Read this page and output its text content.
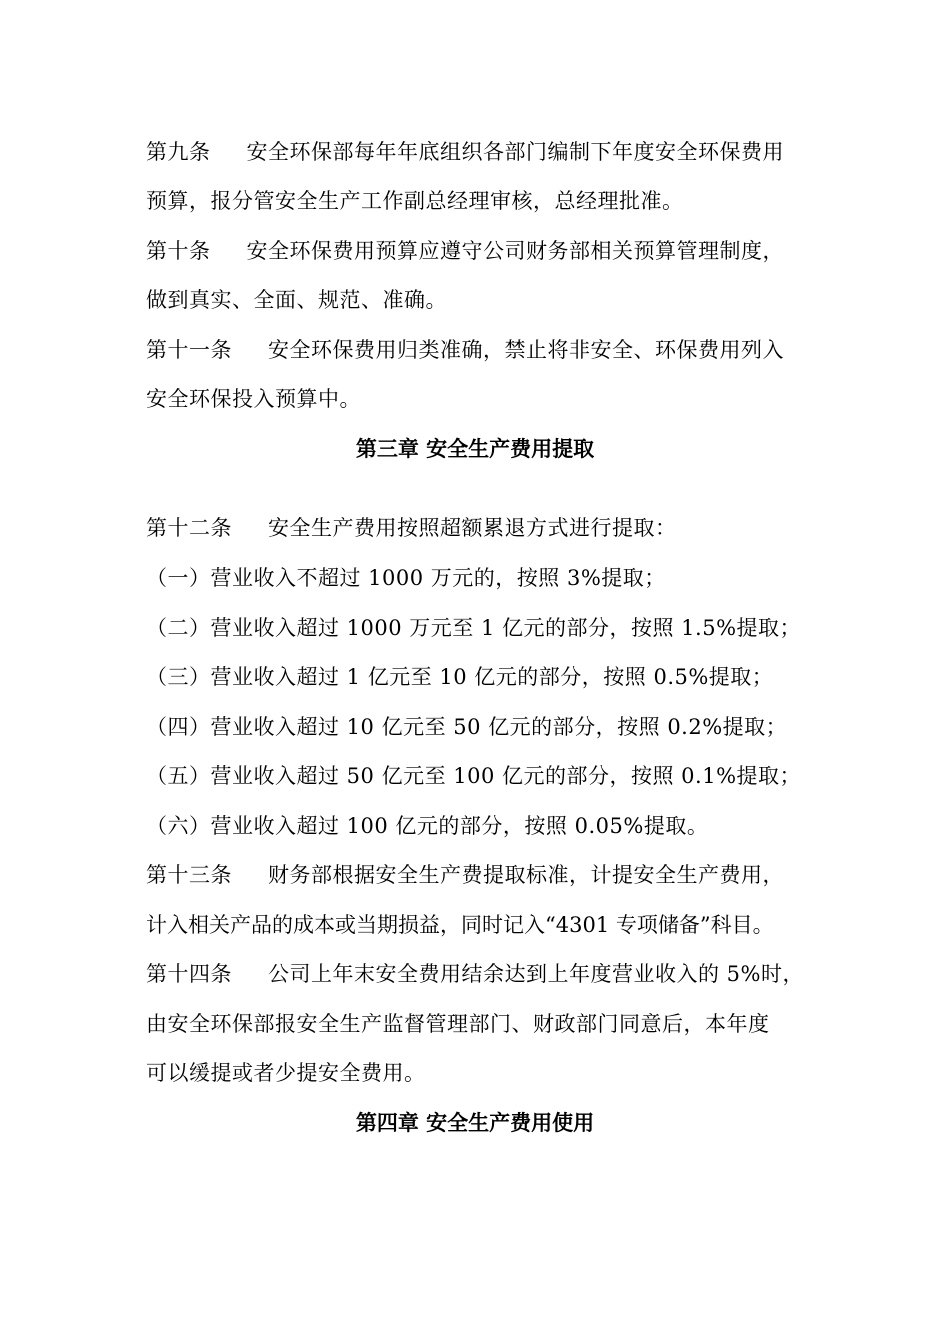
第九条 安全环保部每年年底组织各部门编制下年度安全环保费用
预算，报分管安全生产工作副总经理审核，总经理批准。
第十条 安全环保费用预算应遵守公司财务部相关预算管理制度，
做到真实、全面、规范、准确。
第十一条 安全环保费用归类准确，禁止将非安全、环保费用列入
安全环保投入预算中。
第三章 安全生产费用提取
第十二条 安全生产费用按照超额累退方式进行提取：
（一）营业收入不超过 1000 万元的，按照 3%提取；
（二）营业收入超过 1000 万元至 1 亿元的部分，按照 1.5%提取；
（三）营业收入超过 1 亿元至 10 亿元的部分，按照 0.5%提取；
（四）营业收入超过 10 亿元至 50 亿元的部分，按照 0.2%提取；
（五）营业收入超过 50 亿元至 100 亿元的部分，按照 0.1%提取；
（六）营业收入超过 100 亿元的部分，按照 0.05%提取。
第十三条 财务部根据安全生产费提取标准，计提安全生产费用，
计入相关产品的成本或当期损益，同时记入“4301 专项储备”科目。
第十四条 公司上年末安全费用结余达到上年度营业收入的 5%时，
由安全环保部报安全生产监督管理部门、财政部门同意后，本年度
可以缓提或者少提安全费用。
第四章 安全生产费用使用
